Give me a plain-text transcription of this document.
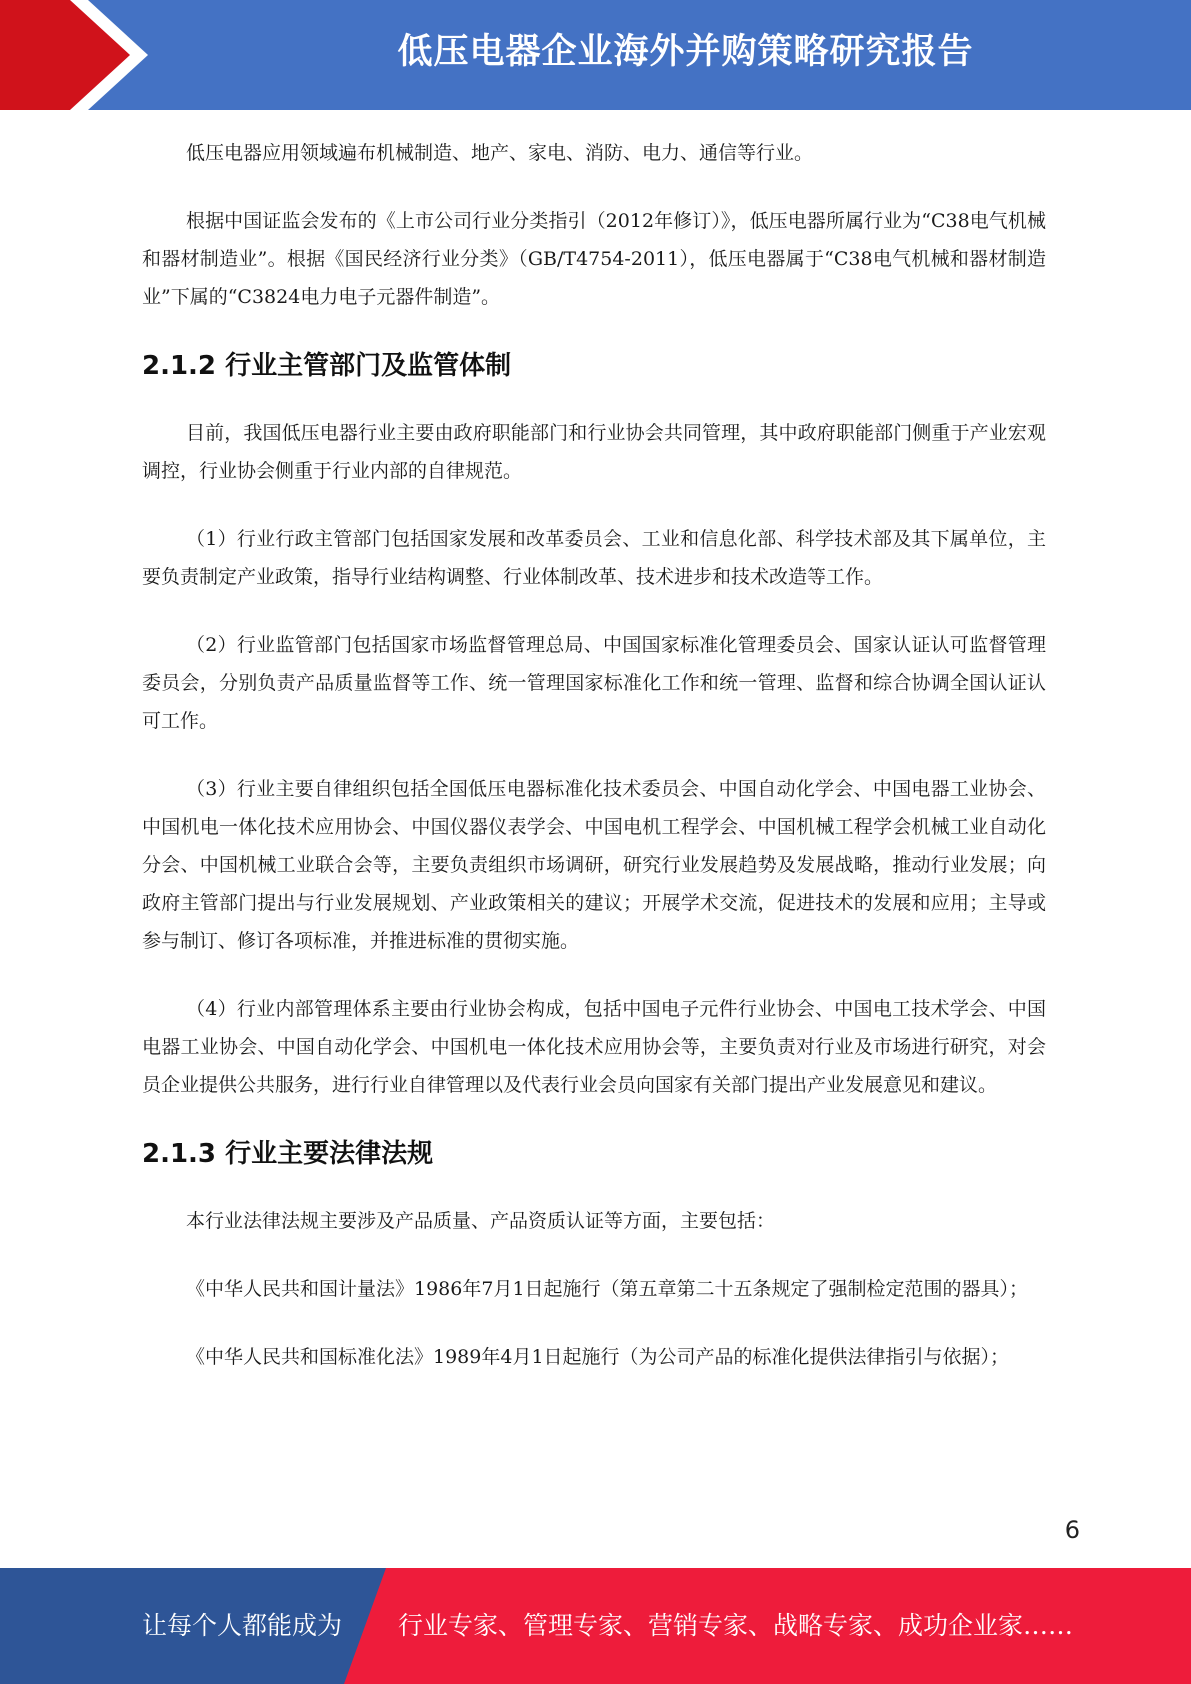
低压电器企业海外并购策略研究报告

低压电器应用领域遍布机械制造、地产、家电、消防、电力、通信等行业。

根据中国证监会发布的《上市公司行业分类指引（2012年修订）》，低压电器所属行业为“C38电气机械和器材制造业”。根据《国民经济行业分类》（GB/T4754-2011），低压电器属于“C38电气机械和器材制造业”下属的“C3824电力电子元器件制造”。

2.1.2 行业主管部门及监管体制

目前，我国低压电器行业主要由政府职能部门和行业协会共同管理，其中政府职能部门侧重于产业宏观调控，行业协会侧重于行业内部的自律规范。

（1）行业行政主管部门包括国家发展和改革委员会、工业和信息化部、科学技术部及其下属单位，主要负责制定产业政策，指导行业结构调整、行业体制改革、技术进步和技术改造等工作。

（2）行业监管部门包括国家市场监督管理总局、中国国家标准化管理委员会、国家认证认可监督管理委员会，分别负责产品质量监督等工作、统一管理国家标准化工作和统一管理、监督和综合协调全国认证认可工作。

（3）行业主要自律组织包括全国低压电器标准化技术委员会、中国自动化学会、中国电器工业协会、中国机电一体化技术应用协会、中国仪器仪表学会、中国电机工程学会、中国机械工程学会机械工业自动化分会、中国机械工业联合会等，主要负责组织市场调研，研究行业发展趋势及发展战略，推动行业发展；向政府主管部门提出与行业发展规划、产业政策相关的建议；开展学术交流，促进技术的发展和应用；主导或参与制订、修订各项标准，并推进标准的贯彻实施。

（4）行业内部管理体系主要由行业协会构成，包括中国电子元件行业协会、中国电工技术学会、中国电器工业协会、中国自动化学会、中国机电一体化技术应用协会等，主要负责对行业及市场进行研究，对会员企业提供公共服务，进行行业自律管理以及代表行业会员向国家有关部门提出产业发展意见和建议。

2.1.3 行业主要法律法规

本行业法律法规主要涉及产品质量、产品资质认证等方面，主要包括：

《中华人民共和国计量法》1986年7月1日起施行（第五章第二十五条规定了强制检定范围的器具）；

《中华人民共和国标准化法》1989年4月1日起施行（为公司产品的标准化提供法律指引与依据）；

6
让每个人都能成为 行业专家、管理专家、营销专家、战略专家、成功企业家……
